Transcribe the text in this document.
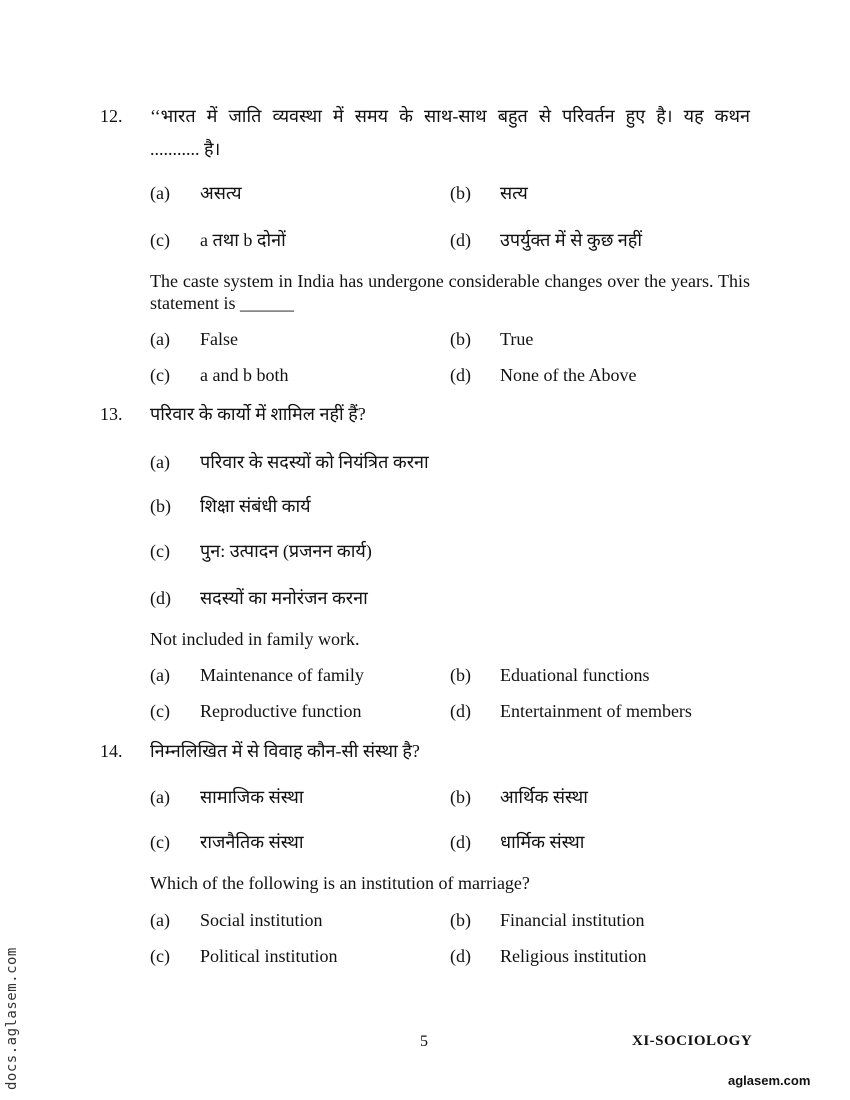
12. ‘‘भारत में जाति व्यवस्था में समय के साथ-साथ बहुत से परिवर्तन हुए है। यह कथन
........... है।
(a) असत्य	(b) सत्य
(c) a तथा b दोनों	(d) उपर्युक्त में से कुछ नहीं
The caste system in India has undergone considerable changes over the years. This statement is ______
(a) False	(b) True
(c) a and b both	(d) None of the Above
13. परिवार के कार्यो में शामिल नहीं हैं?
(a) परिवार के सदस्यों को नियंत्रित करना
(b) शिक्षा संबंधी कार्य
(c) पुन: उत्पादन (प्रजनन कार्य)
(d) सदस्यों का मनोरंजन करना
Not included in family work.
(a) Maintenance of family	(b) Eduational functions
(c) Reproductive function	(d) Entertainment of members
14. निम्नलिखित में से विवाह कौन-सी संस्था है?
(a) सामाजिक संस्था	(b) आर्थिक संस्था
(c) राजनैतिक संस्था	(d) धार्मिक संस्था
Which of the following is an institution of marriage?
(a) Social institution	(b) Financial institution
(c) Political institution	(d) Religious institution
5	XI-SOCIOLOGY
docs.aglasem.com	aglasem.com
